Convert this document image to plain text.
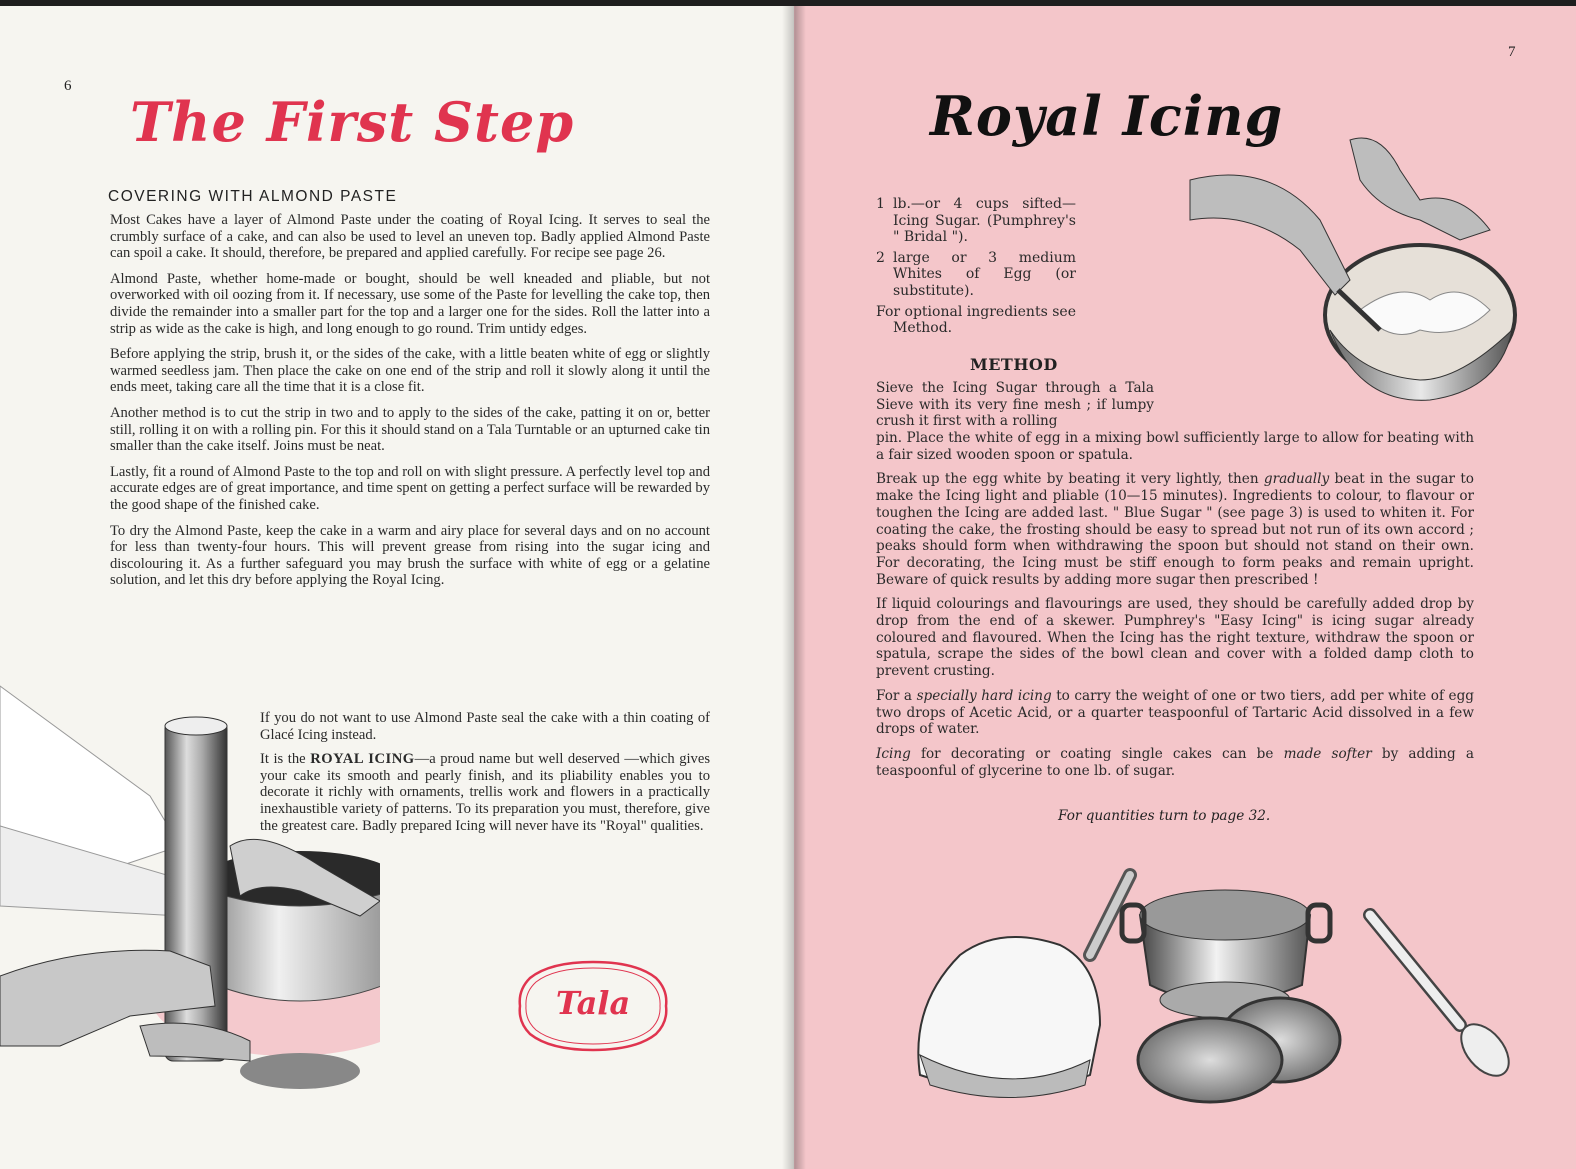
6
The First Step
COVERING WITH ALMOND PASTE

Most Cakes have a layer of Almond Paste under the coating of Royal Icing. It serves to seal the crumbly surface of a cake, and can also be used to level an uneven top. Badly applied Almond Paste can spoil a cake. It should, therefore, be prepared and applied carefully. For recipe see page 26.

Almond Paste, whether home-made or bought, should be well kneaded and pliable, but not overworked with oil oozing from it. If necessary, use some of the Paste for levelling the cake top, then divide the remainder into a smaller part for the top and a larger one for the sides. Roll the latter into a strip as wide as the cake is high, and long enough to go round. Trim untidy edges.

Before applying the strip, brush it, or the sides of the cake, with a little beaten white of egg or slightly warmed seedless jam. Then place the cake on one end of the strip and roll it slowly along it until the ends meet, taking care all the time that it is a close fit.

Another method is to cut the strip in two and to apply to the sides of the cake, patting it on or, better still, rolling it on with a rolling pin. For this it should stand on a Tala Turntable or an upturned cake tin smaller than the cake itself. Joins must be neat.

Lastly, fit a round of Almond Paste to the top and roll on with slight pressure. A perfectly level top and accurate edges are of great importance, and time spent on getting a perfect surface will be rewarded by the good shape of the finished cake.

To dry the Almond Paste, keep the cake in a warm and airy place for several days and on no account for less than twenty-four hours. This will prevent grease from rising into the sugar icing and discolouring it. As a further safeguard you may brush the surface with white of egg or a gelatine solution, and let this dry before applying the Royal Icing.

If you do not want to use Almond Paste seal the cake with a thin coating of Glacé Icing instead.

It is the ROYAL ICING—a proud name but well deserved —which gives your cake its smooth and pearly finish, and its pliability enables you to decorate it richly with ornaments, trellis work and flowers in a practically inexhaustible variety of patterns. To its preparation you must, therefore, give the greatest care. Badly prepared Icing will never have its "Royal" qualities.

Tala
7
Royal Icing
1 lb.—or 4 cups sifted— Icing Sugar. (Pumphrey's " Bridal ").
2 large or 3 medium Whites of Egg (or substitute).
For optional ingredients see Method.
METHOD
Sieve the Icing Sugar through a Tala Sieve with its very fine mesh ; if lumpy crush it first with a rolling

pin. Place the white of egg in a mixing bowl sufficiently large to allow for beating with a fair sized wooden spoon or spatula.

Break up the egg white by beating it very lightly, then gradually beat in the sugar to make the Icing light and pliable (10—15 minutes). Ingredients to colour, to flavour or toughen the Icing are added last. " Blue Sugar " (see page 3) is used to whiten it. For coating the cake, the frosting should be easy to spread but not run of its own accord ; peaks should form when withdrawing the spoon but should not stand on their own. For decorating, the Icing must be stiff enough to form peaks and remain upright. Beware of quick results by adding more sugar then prescribed !

If liquid colourings and flavourings are used, they should be carefully added drop by drop from the end of a skewer. Pumphrey's "Easy Icing" is icing sugar already coloured and flavoured. When the Icing has the right texture, withdraw the spoon or spatula, scrape the sides of the bowl clean and cover with a folded damp cloth to prevent crusting.

For a specially hard icing to carry the weight of one or two tiers, add per white of egg two drops of Acetic Acid, or a quarter teaspoonful of Tartaric Acid dissolved in a few drops of water.

Icing for decorating or coating single cakes can be made softer by adding a teaspoonful of glycerine to one lb. of sugar.

For quantities turn to page 32.
